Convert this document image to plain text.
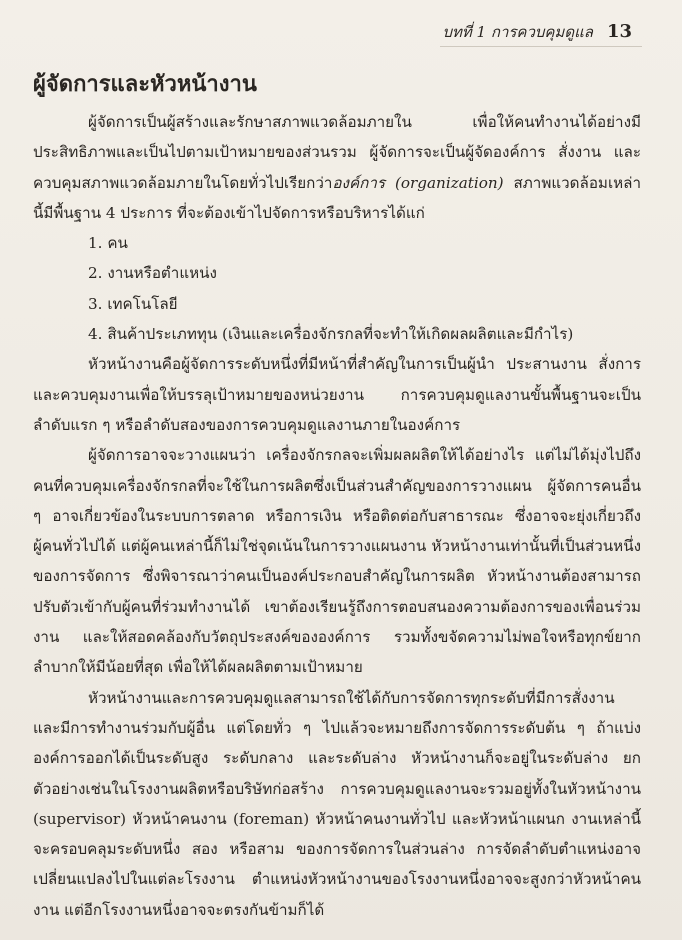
บทที่ 1 การควบคุมดูแล 13
ผู้จัดการและหัวหน้างาน

ผู้จัดการเป็นผู้สร้างและรักษาสภาพแวดล้อมภายใน เพื่อให้คนทำงานได้อย่างมีประสิทธิภาพและเป็นไปตามเป้าหมายของส่วนรวม ผู้จัดการจะเป็นผู้จัดองค์การ สั่งงาน และควบคุมสภาพแวดล้อมภายในโดยทั่วไปเรียกว่าองค์การ (organization) สภาพแวดล้อมเหล่านี้มีพื้นฐาน 4 ประการ ที่จะต้องเข้าไปจัดการหรือบริหารได้แก่

1. คน
2. งานหรือตำแหน่ง
3. เทคโนโลยี
4. สินค้าประเภททุน (เงินและเครื่องจักรกลที่จะทำให้เกิดผลผลิตและมีกำไร)

หัวหน้างานคือผู้จัดการระดับหนึ่งที่มีหน้าที่สำคัญในการเป็นผู้นำ ประสานงาน สั่งการและควบคุมงานเพื่อให้บรรลุเป้าหมายของหน่วยงาน การควบคุมดูแลงานขั้นพื้นฐานจะเป็นลำดับแรก ๆ หรือลำดับสองของการควบคุมดูแลงานภายในองค์การ

ผู้จัดการอาจจะวางแผนว่า เครื่องจักรกลจะเพิ่มผลผลิตให้ได้อย่างไร แต่ไม่ได้มุ่งไปถึงคนที่ควบคุมเครื่องจักรกลที่จะใช้ในการผลิตซึ่งเป็นส่วนสำคัญของการวางแผน ผู้จัดการคนอื่น ๆ อาจเกี่ยวข้องในระบบการตลาด หรือการเงิน หรือติดต่อกับสาธารณะ ซึ่งอาจจะยุ่งเกี่ยวถึงผู้คนทั่วไปได้ แต่ผู้คนเหล่านี้ก็ไม่ใช่จุดเน้นในการวางแผนงาน หัวหน้างานเท่านั้นที่เป็นส่วนหนึ่งของการจัดการ ซึ่งพิจารณาว่าคนเป็นองค์ประกอบสำคัญในการผลิต หัวหน้างานต้องสามารถปรับตัวเข้ากับผู้คนที่ร่วมทำงานได้ เขาต้องเรียนรู้ถึงการตอบสนองความต้องการของเพื่อนร่วมงาน และให้สอดคล้องกับวัตถุประสงค์ขององค์การ รวมทั้งขจัดความไม่พอใจหรือทุกข์ยากลำบากให้มีน้อยที่สุด เพื่อให้ได้ผลผลิตตามเป้าหมาย

หัวหน้างานและการควบคุมดูแลสามารถใช้ได้กับการจัดการทุกระดับที่มีการสั่งงานและมีการทำงานร่วมกับผู้อื่น แต่โดยทั่ว ๆ ไปแล้วจะหมายถึงการจัดการระดับต้น ๆ ถ้าแบ่งองค์การออกได้เป็นระดับสูง ระดับกลาง และระดับล่าง หัวหน้างานก็จะอยู่ในระดับล่าง ยกตัวอย่างเช่นในโรงงานผลิตหรือบริษัทก่อสร้าง การควบคุมดูแลงานจะรวมอยู่ทั้งในหัวหน้างาน (supervisor) หัวหน้าคนงาน (foreman) หัวหน้าคนงานทั่วไป และหัวหน้าแผนก งานเหล่านี้จะครอบคลุมระดับหนึ่ง สอง หรือสาม ของการจัดการในส่วนล่าง การจัดลำดับตำแหน่งอาจเปลี่ยนแปลงไปในแต่ละโรงงาน ตำแหน่งหัวหน้างานของโรงงานหนึ่งอาจจะสูงกว่าหัวหน้าคนงาน แต่อีกโรงงานหนึ่งอาจจะตรงกันข้ามก็ได้
